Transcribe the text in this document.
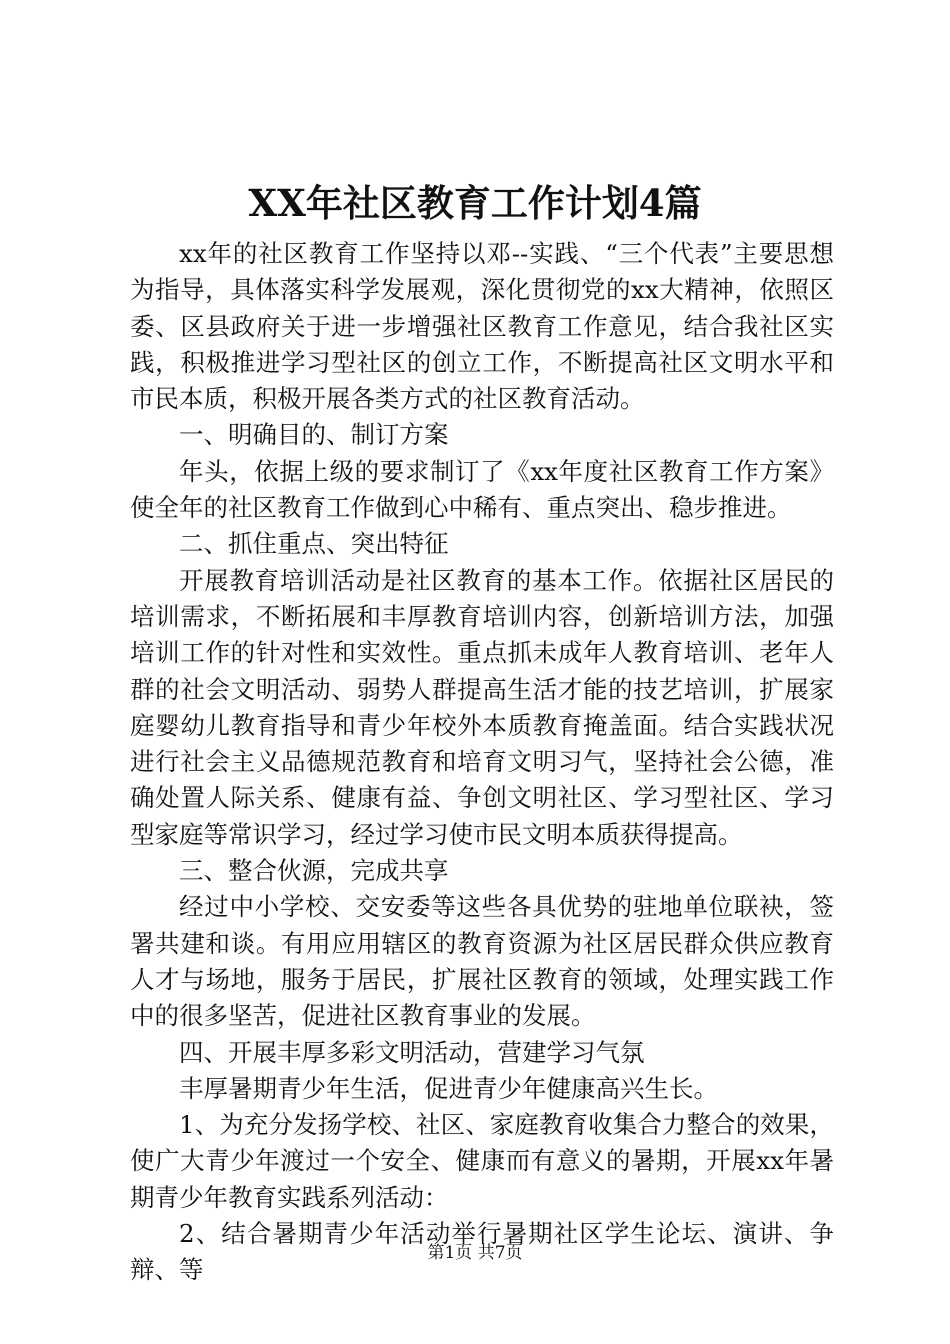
XX年社区教育工作计划4篇

xx年的社区教育工作坚持以邓--实践、“三个代表”主要思想为指导，具体落实科学发展观，深化贯彻党的xx大精神，依照区委、区县政府关于进一步增强社区教育工作意见，结合我社区实践，积极推进学习型社区的创立工作，不断提高社区文明水平和市民本质，积极开展各类方式的社区教育活动。

一、明确目的、制订方案

年头，依据上级的要求制订了《xx年度社区教育工作方案》使全年的社区教育工作做到心中稀有、重点突出、稳步推进。

二、抓住重点、突出特征

开展教育培训活动是社区教育的基本工作。依据社区居民的培训需求，不断拓展和丰厚教育培训内容，创新培训方法，加强培训工作的针对性和实效性。重点抓未成年人教育培训、老年人群的社会文明活动、弱势人群提高生活才能的技艺培训，扩展家庭婴幼儿教育指导和青少年校外本质教育掩盖面。结合实践状况进行社会主义品德规范教育和培育文明习气，坚持社会公德，准确处置人际关系、健康有益、争创文明社区、学习型社区、学习型家庭等常识学习，经过学习使市民文明本质获得提高。

三、整合伙源，完成共享

经过中小学校、交安委等这些各具优势的驻地单位联袂，签署共建和谈。有用应用辖区的教育资源为社区居民群众供应教育人才与场地，服务于居民，扩展社区教育的领域，处理实践工作中的很多坚苦，促进社区教育事业的发展。

四、开展丰厚多彩文明活动，营建学习气氛

丰厚暑期青少年生活，促进青少年健康高兴生长。

1、为充分发扬学校、社区、家庭教育收集合力整合的效果，使广大青少年渡过一个安全、健康而有意义的暑期，开展xx年暑期青少年教育实践系列活动：

2、结合暑期青少年活动举行暑期社区学生论坛、演讲、争辩、等

第1页 共7页
